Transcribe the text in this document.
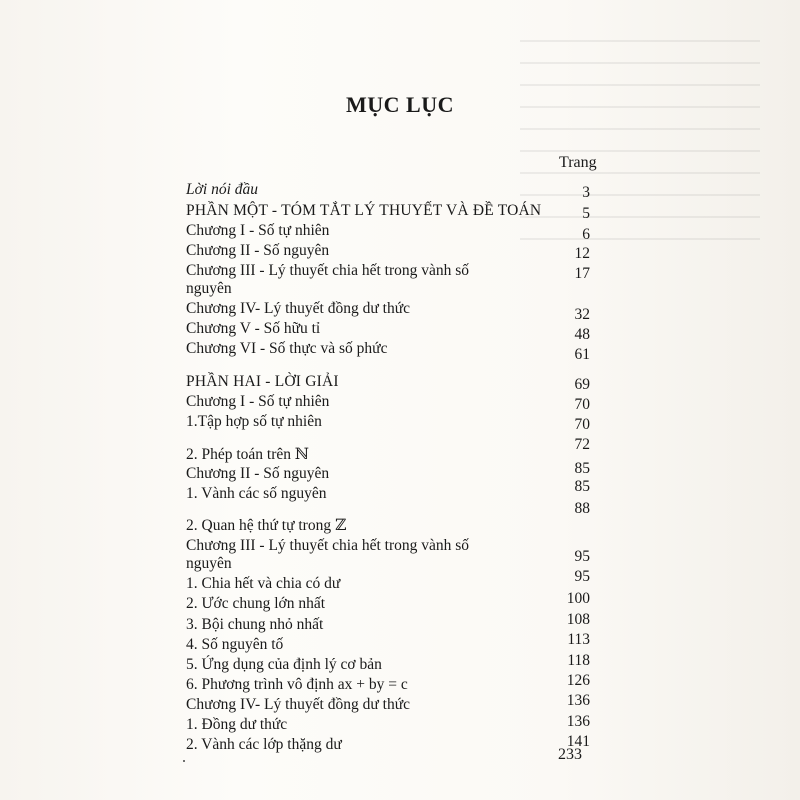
MỤC LỤC
Trang
Lời nói đầu
PHẦN MỘT - TÓM TẮT LÝ THUYẾT VÀ ĐỀ TOÁN
Chương I - Số tự nhiên
Chương II - Số nguyên
Chương III - Lý thuyết chia hết trong vành số
nguyên
Chương IV- Lý thuyết đồng dư thức
Chương V - Số hữu tỉ
Chương VI - Số thực và số phức
PHẦN HAI - LỜI GIẢI
Chương I - Số tự nhiên
1.Tập hợp số tự nhiên
2. Phép toán trên ℕ
Chương II - Số nguyên
1. Vành các số nguyên
2. Quan hệ thứ tự trong ℤ
Chương III - Lý thuyết chia hết trong vành số
nguyên
1. Chia hết và chia có dư
2. Ước chung lớn nhất
3. Bội chung nhỏ nhất
4. Số nguyên tố
5. Ứng dụng của định lý cơ bản
6. Phương trình vô định ax + by = c
Chương IV- Lý thuyết đồng dư thức
1. Đồng dư thức
2. Vành các lớp thặng dư
3
5
6
12
17
32
48
61
69
70
70
72
85
85
88
95
95
100
108
113
118
126
136
136
141
233
